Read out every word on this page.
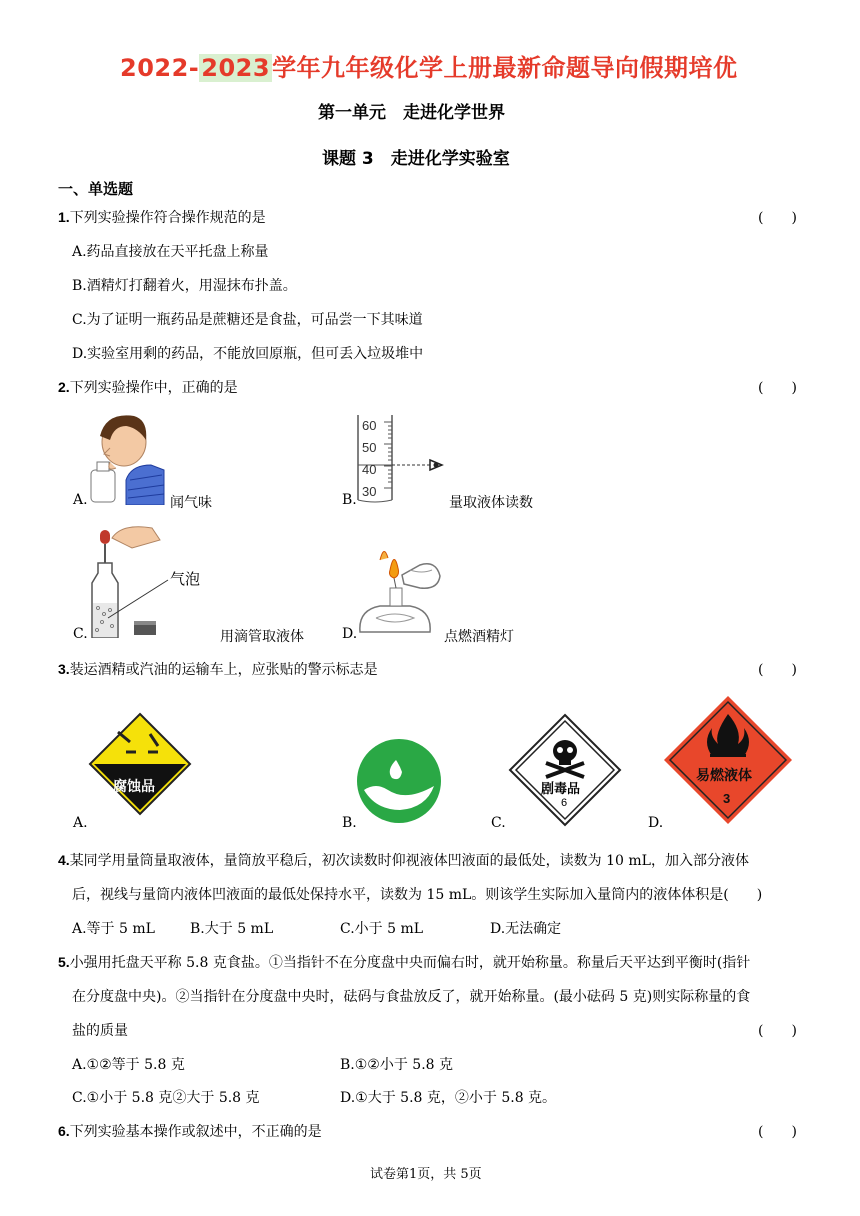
2022-2023学年九年级化学上册最新命题导向假期培优
第一单元　走进化学世界
课题 3　走进化学实验室
一、单选题
1.下列实验操作符合操作规范的是	(　　)
A.药品直接放在天平托盘上称量
B.酒精灯打翻着火，用湿抹布扑盖。
C.为了证明一瓶药品是蔗糖还是食盐，可品尝一下其味道
D.实验室用剩的药品，不能放回原瓶，但可丢入垃圾堆中
2.下列实验操作中，正确的是	(　　)
A.	闻气味
60
50
40
30
B.	量取液体读数
气泡
C.	用滴管取液体	D.	点燃酒精灯
3.装运酒精或汽油的运输车上，应张贴的警示标志是	(　　)
腐蚀品
A.	B.
剧毒品
6
C.
易燃液体
3
D.
4.某同学用量筒量取液体，量筒放平稳后，初次读数时仰视液体凹液面的最低处，读数为 10 mL，加入部分液体
后，视线与量筒内液体凹液面的最低处保持水平，读数为 15 mL。则该学生实际加入量筒内的液体体积是(　　)
A.等于 5 mL	B.大于 5 mL	C.小于 5 mL	D.无法确定
5.小强用托盘天平称 5.8 克食盐。①当指针不在分度盘中央而偏右时，就开始称量。称量后天平达到平衡时(指针
在分度盘中央)。②当指针在分度盘中央时，砝码与食盐放反了，就开始称量。(最小砝码 5 克)则实际称量的食
盐的质量	(　　)
A.①②等于 5.8 克	B.①②小于 5.8 克
C.①小于 5.8 克②大于 5.8 克	D.①大于 5.8 克，②小于 5.8 克。
6.下列实验基本操作或叙述中，不正确的是	(　　)
试卷第1页，共 5页
